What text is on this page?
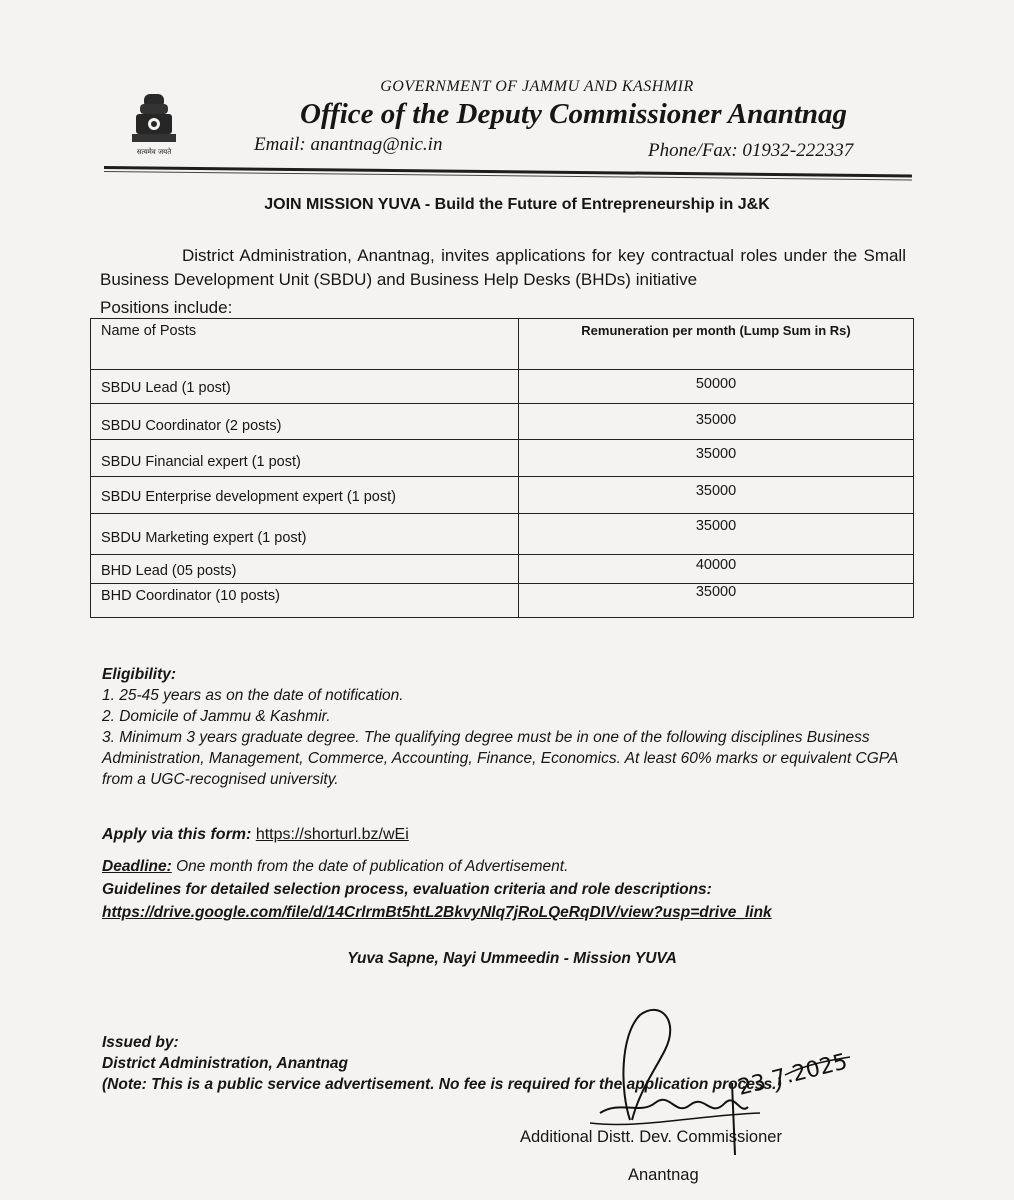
सत्यमेव जयते
GOVERNMENT OF JAMMU AND KASHMIR
Office of the Deputy Commissioner Anantnag
Email: anantnag@nic.in	Phone/Fax: 01932-222337
JOIN MISSION YUVA - Build the Future of Entrepreneurship in J&K
District Administration, Anantnag, invites applications for key contractual roles under the Small Business Development Unit (SBDU) and Business Help Desks (BHDs) initiative
Positions include:
Name of Posts	Remuneration per month (Lump Sum in Rs)
SBDU Lead (1 post)	50000
SBDU Coordinator (2 posts)	35000
SBDU Financial expert (1 post)	35000
SBDU Enterprise development expert (1 post)	35000
SBDU Marketing expert (1 post)	35000
BHD Lead (05 posts)	40000
BHD Coordinator (10 posts)	35000
Eligibility:
1. 25-45 years as on the date of notification.
2. Domicile of Jammu & Kashmir.
3. Minimum 3 years graduate degree. The qualifying degree must be in one of the following disciplines Business Administration, Management, Commerce, Accounting, Finance, Economics. At least 60% marks or equivalent CGPA from a UGC-recognised university.
Apply via this form: https://shorturl.bz/wEi
Deadline: One month from the date of publication of Advertisement.
Guidelines for detailed selection process, evaluation criteria and role descriptions:
https://drive.google.com/file/d/14CrlrmBt5htL2BkvyNlq7jRoLQeRqDIV/view?usp=drive_link
Yuva Sapne, Nayi Ummeedin - Mission YUVA
Issued by:
District Administration, Anantnag
(Note: This is a public service advertisement. No fee is required for the application process.)
23.7.2025
Additional Distt. Dev. Commissioner
Anantnag
